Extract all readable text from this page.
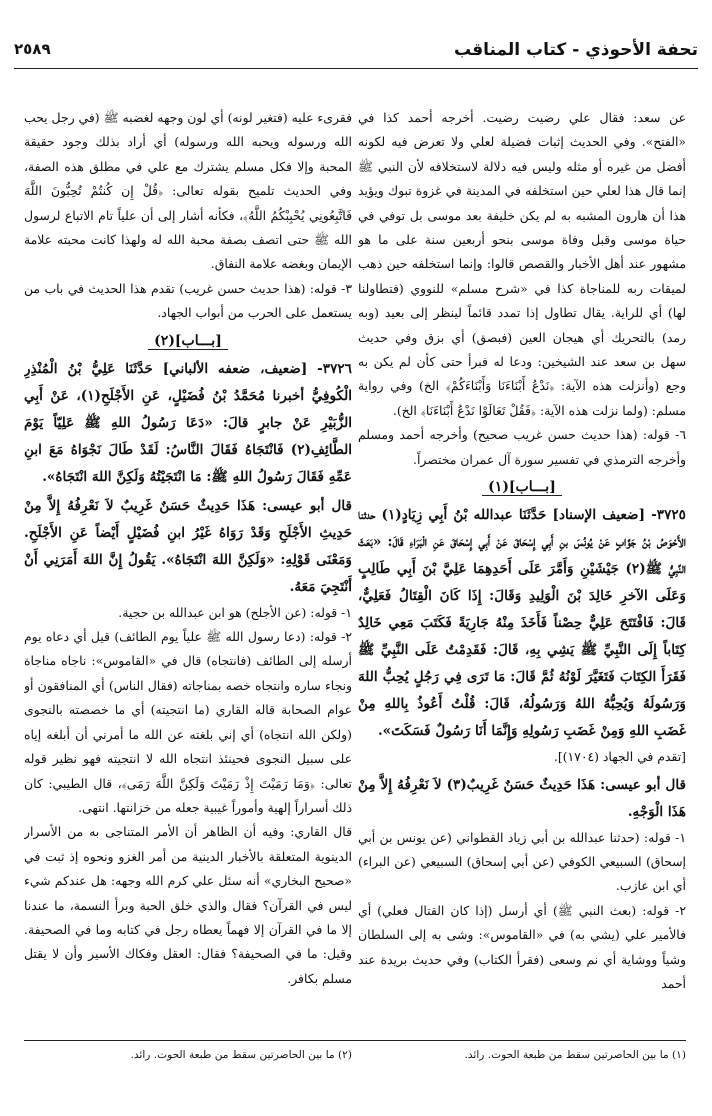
تحفة الأحوذي - كتاب المناقب
٢٥٨٩

عن سعد: فقال علي رضيت رضيت. أخرجه أحمد كذا في «الفتح». وفي الحديث إثبات فضيلة لعلي ولا تعرض فيه لكونه أفضل من غيره أو مثله وليس فيه دلالة لاستخلافه لأن النبي ﷺ إنما قال هذا لعلي حين استخلفه في المدينة في غزوة تبوك ويؤيد هذا أن هارون المشبه به لم يكن خليفة بعد موسى بل توفي في حياة موسى وقبل وفاة موسى بنحو أربعين سنة على ما هو مشهور عند أهل الأخبار والقصص قالوا: وإنما استخلفه حين ذهب لميقات ربه للمناجاة كذا في «شرح مسلم» للنووي (فتطاولنا لها) أي للراية. يقال تطاول إذا تمدد قائماً لينظر إلى بعيد (وبه رمد) بالتحريك أي هيجان العين (فبصق) أي بزق وفي حديث سهل بن سعد عند الشيخين: ودعا له فبرأ حتى كأن لم يكن به وجع (وأنزلت هذه الآية: ﴿نَدْعُ أَبْنَاءَنَا وَأَبْنَاءَكُمْ﴾ الخ) وفي رواية مسلم: (ولما نزلت هذه الآية: ﴿فَقُلْ تَعَالَوْا نَدْعُ أَبْنَاءَنَا﴾ الخ).

٦- قوله: (هذا حديث حسن غريب صحيح) وأخرجه أحمد ومسلم وأخرجه الترمذي في تفسير سورة آل عمران مختصراً.

[بـــاب](١)

٣٧٢٥- [ضعيف الإسناد] حَدَّثَنَا عبدالله بْنُ أَبِي زِيَادٍ(١) حدثنا الأَحْوَصُ بْنُ جَوَّابٍ عَنْ يُونُسَ بنِ أَبِي إِسْحَاقَ عَنْ أَبِي إِسْحَاقَ عَنِ الْبَرَاءِ قَالَ: «بَعَثَ النَّبِيُّ ﷺ(٢) جَيْشَيْنِ وَأَمَّرَ عَلَى أَحَدِهِمَا عَلِيَّ بْنَ أَبِي طَالِبٍ وَعَلَى الآخرِ خَالِدَ بْنَ الْوَلِيدِ وَقَالَ: إِذَا كَانَ الْقِتَالُ فَعَلِيٌّ، قَالَ: فَافْتَتَحَ عَلِيٌّ حِصْناً فَأَخَذَ مِنْهُ جَارِيَةً فَكَتَبَ مَعِي خَالِدٌ كِتَاباً إِلَى النَّبِيِّ ﷺ يَشِي بِهِ، قَالَ: فَقَدِمْتُ عَلَى النَّبِيِّ ﷺ فَقَرَأَ الكِتَابَ فَتَغَيَّرَ لَوْنُهُ ثُمَّ قَالَ: مَا تَرَى فِي رَجُلٍ يُحِبُّ اللهَ وَرَسُولَهُ وَيُحِبُّهُ اللهُ وَرَسُولُهُ، قَالَ: قُلْتُ أَعُوذُ بِاللهِ مِنْ غَضَبِ اللهِ وَمِنْ غَضَبِ رَسُولِهِ وَإِنَّمَا أَنَا رَسُولٌ فَسَكَتَ».

[تقدم في الجهاد (١٧٠٤)].

قال أبو عيسى: هَذَا حَدِيثٌ حَسَنٌ غَرِيبٌ(٣) لاَ نَعْرِفُهُ إِلاَّ مِنْ هَذَا الْوَجْهِ.

١- قوله: (حدثنا عبدالله بن أبي زياد القطواني (عن يونس بن أبي إسحاق) السبيعي الكوفي (عن أبي إسحاق) السبيعي (عن البراء) أي ابن عازب.

٢- قوله: (بعث النبي ﷺ) أي أرسل (إذا كان القتال فعلي) أي فالأمير علي (يشي به) في «القاموس»: وشى به إلى السلطان وشياً ووشاية أي نم وسعى (فقرأ الكتاب) وفي حديث بريدة عند أحمد

فقرىء عليه (فتغير لونه) أي لون وجهه لغضبه ﷺ (في رجل يحب الله ورسوله ويحبه الله ورسوله) أي أراد بذلك وجود حقيقة المحبة وإلا فكل مسلم يشترك مع علي في مطلق هذه الصفة، وفي الحديث تلميح بقوله تعالى: ﴿قُلْ إِن كُنتُمْ تُحِبُّونَ اللَّهَ فَاتَّبِعُونِي يُحْبِبْكُمُ اللَّهُ﴾، فكأنه أشار إلى أن علياً تام الاتباع لرسول الله ﷺ حتى اتصف بصفة محبة الله له ولهذا كانت محبته علامة الإيمان وبغضه علامة النفاق.

٣- قوله: (هذا حديث حسن غريب) تقدم هذا الحديث في باب من يستعمل على الحرب من أبواب الجهاد.

[بـــاب](٢)

٣٧٢٦- [ضعيف، ضعفه الألباني] حَدَّثَنَا عَلِيُّ بْنُ الْمُنْذِرِ الْكُوفِيُّ أخبرنا مُحَمَّدُ بْنُ فُضَيْلٍ، عَنِ الأَجْلَحِ(١)، عَنْ أَبِي الزُّبَيْرِ عَنْ جابرٍ قالَ: «دَعَا رَسُولُ اللهِ ﷺ عَلِيّاً يَوْمَ الطَّائِفِ(٢) فَانْتَجَاهُ فَقَالَ النَّاسُ: لَقَدْ طَالَ نَجْوَاهُ مَعَ ابنِ عَمِّهِ فَقَالَ رَسُولُ اللهِ ﷺ: مَا انْتَجَيْتُهُ وَلَكِنَّ اللهَ انْتَجَاهُ».

قال أبو عيسى: هَذَا حَدِيثٌ حَسَنٌ غَرِيبٌ لاَ نَعْرِفُهُ إِلاَّ مِنْ حَدِيثِ الأَجْلَحِ وَقَدْ رَوَاهُ غَيْرُ ابنِ فُضَيْلٍ أَيْضاً عَنِ الأَجْلَحِ. وَمَعْنَى قَوْلِهِ: «وَلَكِنَّ اللهَ انْتَجَاهُ». يَقُولُ إِنَّ اللهَ أَمَرَنِي أَنْ أَنْتَجِيَ مَعَهُ.

١- قوله: (عن الأجلح) هو ابن عبدالله بن حجية.

٢- قوله: (دعا رسول الله ﷺ علياً يوم الطائف) قيل أي دعاه يوم أرسله إلى الطائف (فانتجاه) قال في «القاموس»: ناجاه مناجاة ونجاء ساره وانتجاه خصه بمناجاته (فقال الناس) أي المنافقون أو عوام الصحابة قاله القاري (ما انتجيته) أي ما خصصته بالنجوى (ولكن الله انتجاه) أي إني بلغته عن الله ما أمرني أن أبلغه إياه على سبيل النجوى فحينئذ انتجاه الله لا انتجيته فهو نظير قوله تعالى: ﴿وَمَا رَمَيْتَ إِذْ رَمَيْتَ وَلَكِنَّ اللَّهَ رَمَى﴾، قال الطيبي: كان ذلك أسراراً إلهية وأموراً غيبية جعله من خزانتها. انتهى.

قال القاري: وفيه أن الظاهر أن الأمر المتناجى به من الأسرار الدينوية المتعلقة بالأخبار الدينية من أمر الغزو ونحوه إذ ثبت في «صحيح البخاري» أنه سئل علي كرم الله وجهه: هل عندكم شيء ليس في القرآن؟ فقال والذي خلق الحبة وبرأ النسمة، ما عندنا إلا ما في القرآن إلا فهماً يعطاه رجل في كتابه وما في الصحيفة. وقيل: ما في الصحيفة؟ فقال: العقل وفكاك الأسير وأن لا يقتل مسلم بكافر.

(١) ما بين الحاصرتين سقط من طبعة الحوت. رائد.
(٢) ما بين الحاصرتين سقط من طبعة الحوت. رائد.
